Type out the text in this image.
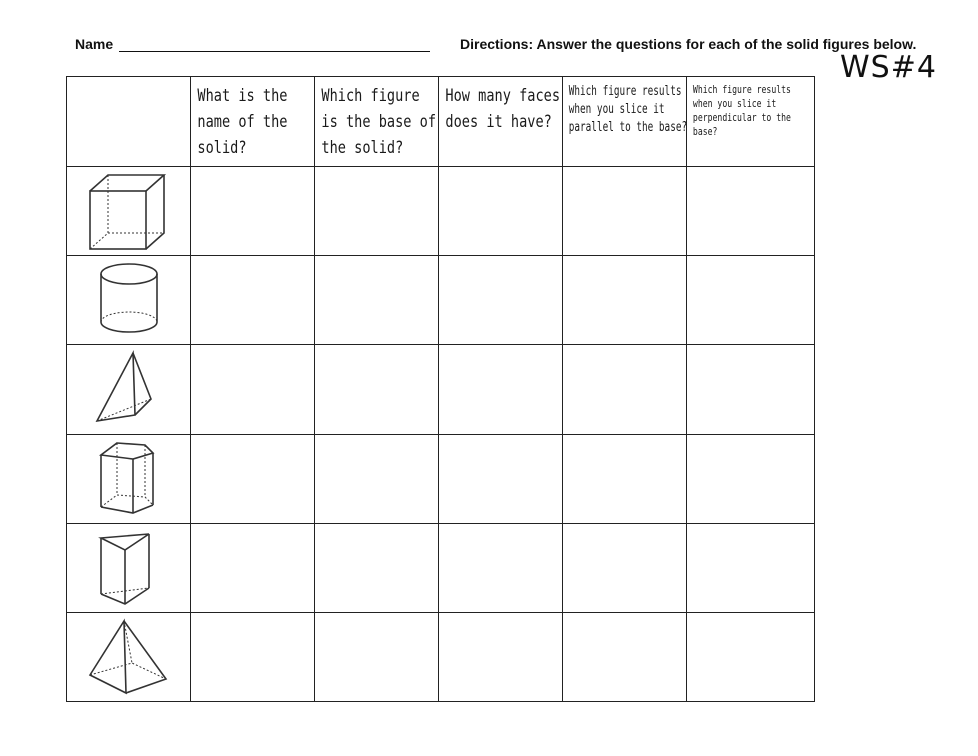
Name	Directions: Answer the questions for each of the solid figures below.
WS#4

	What is the name of the solid?	Which figure is the base of the solid?	How many faces does it have?	Which figure results when you slice it parallel to the base?	Which figure results when you slice it perpendicular to the base?
